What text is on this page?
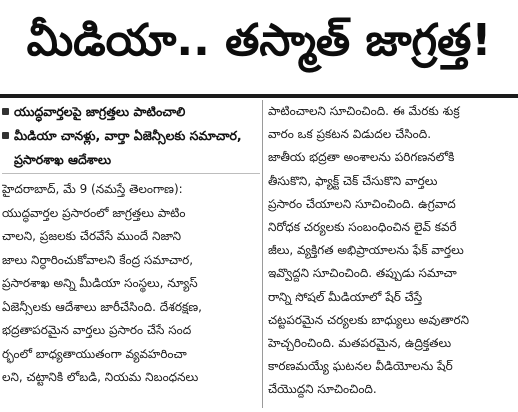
మీడియా.. తస్మాత్ జాగ్రత్త!
యుద్ధవార్తలపై జాగ్రత్తలు పాటించాలి
మీడియా చానళ్లు, వార్తా ఏజెన్సీలకు సమాచార, ప్రసారశాఖ ఆదేశాలు
హైదరాబాద్, మే 9 (నమస్తే తెలంగాణ):
యుద్ధవార్తల ప్రసారంలో జాగ్రత్తలు పాటిం
చాలని, ప్రజలకు చేరవేసే ముందే నిజాని
జాలు నిర్ధారించుకోవాలని కేంద్ర సమాచార,
ప్రసారశాఖ అన్ని మీడియా సంస్థలు, న్యూస్
ఏజెన్సీలకు ఆదేశాలు జారీచేసింది. దేశరక్షణ,
భద్రతాపరమైన వార్తలు ప్రసారం చేసే సంద
ర్భంలో బాధ్యతాయుతంగా వ్యవహరించా
లని, చట్టానికి లోబడి, నియమ నిబంధనలు
పాటించాలని సూచించింది. ఈ మేరకు శుక్ర
వారం ఒక ప్రకటన విడుదల చేసింది.
జాతీయ భద్రతా అంశాలను పరిగణనలోకి
తీసుకొని, ఫ్యాక్ట్ చెక్ చేసుకొని వార్తలు
ప్రసారం చేయాలని సూచించింది. ఉగ్రవాద
నిరోధక చర్యలకు సంబంధించిన లైవ్ కవరే
జీలు, వ్యక్తిగత అభిప్రాయాలను ఫేక్ వార్తలు
ఇవ్వొద్దని సూచించింది. తప్పుడు సమాచా
రాన్ని సోషల్ మీడియాలో షేర్ చేస్తే
చట్టపరమైన చర్యలకు బాధ్యులు అవుతారని
హెచ్చరించింది. మతపరమైన, ఉద్రిక్తతలు
కారణమయ్యే ఘటనల వీడియోలను షేర్
చేయొద్దని సూచించింది.
